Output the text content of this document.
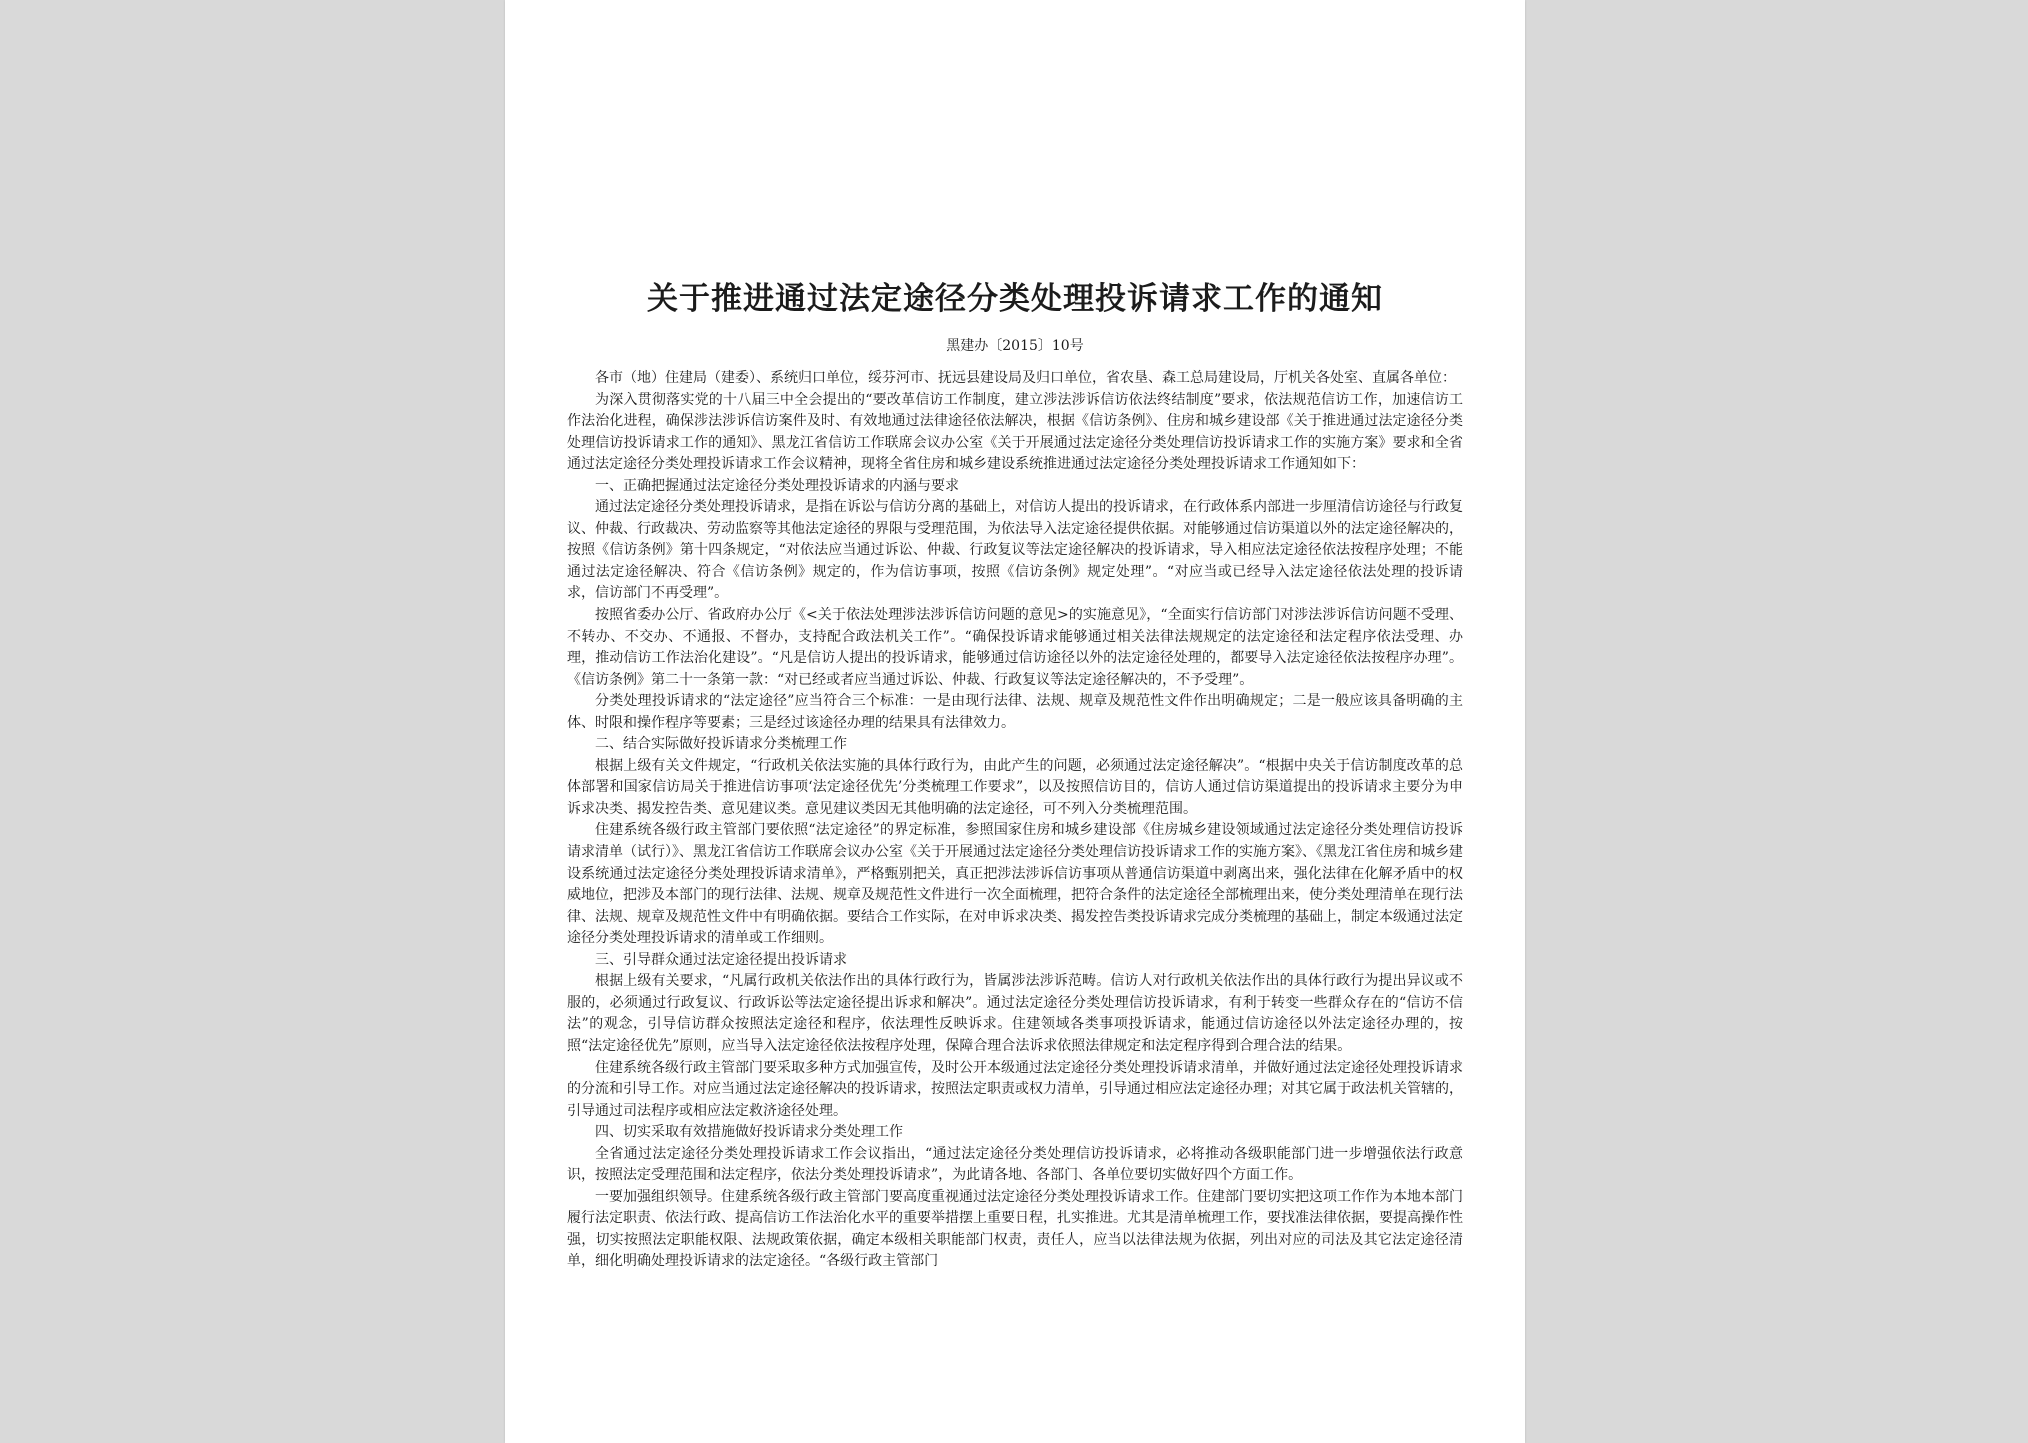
关于推进通过法定途径分类处理投诉请求工作的通知
黑建办〔2015〕10号

各市（地）住建局（建委）、系统归口单位，绥芬河市、抚远县建设局及归口单位，省农垦、森工总局建设局，厅机关各处室、直属各单位：

为深入贯彻落实党的十八届三中全会提出的“要改革信访工作制度，建立涉法涉诉信访依法终结制度”要求，依法规范信访工作，加速信访工作法治化进程，确保涉法涉诉信访案件及时、有效地通过法律途径依法解决，根据《信访条例》、住房和城乡建设部《关于推进通过法定途径分类处理信访投诉请求工作的通知》、黑龙江省信访工作联席会议办公室《关于开展通过法定途径分类处理信访投诉请求工作的实施方案》要求和全省通过法定途径分类处理投诉请求工作会议精神，现将全省住房和城乡建设系统推进通过法定途径分类处理投诉请求工作通知如下：

一、正确把握通过法定途径分类处理投诉请求的内涵与要求

通过法定途径分类处理投诉请求，是指在诉讼与信访分离的基础上，对信访人提出的投诉请求，在行政体系内部进一步厘清信访途径与行政复议、仲裁、行政裁决、劳动监察等其他法定途径的界限与受理范围，为依法导入法定途径提供依据。对能够通过信访渠道以外的法定途径解决的，按照《信访条例》第十四条规定，“对依法应当通过诉讼、仲裁、行政复议等法定途径解决的投诉请求，导入相应法定途径依法按程序处理；不能通过法定途径解决、符合《信访条例》规定的，作为信访事项，按照《信访条例》规定处理”。“对应当或已经导入法定途径依法处理的投诉请求，信访部门不再受理”。

按照省委办公厅、省政府办公厅《<关于依法处理涉法涉诉信访问题的意见>的实施意见》，“全面实行信访部门对涉法涉诉信访问题不受理、不转办、不交办、不通报、不督办，支持配合政法机关工作”。“确保投诉请求能够通过相关法律法规规定的法定途径和法定程序依法受理、办理，推动信访工作法治化建设”。“凡是信访人提出的投诉请求，能够通过信访途径以外的法定途径处理的，都要导入法定途径依法按程序办理”。《信访条例》第二十一条第一款：“对已经或者应当通过诉讼、仲裁、行政复议等法定途径解决的，不予受理”。

分类处理投诉请求的“法定途径”应当符合三个标准：一是由现行法律、法规、规章及规范性文件作出明确规定；二是一般应该具备明确的主体、时限和操作程序等要素；三是经过该途径办理的结果具有法律效力。

二、结合实际做好投诉请求分类梳理工作

根据上级有关文件规定，“行政机关依法实施的具体行政行为，由此产生的问题，必须通过法定途径解决”。“根据中央关于信访制度改革的总体部署和国家信访局关于推进信访事项‘法定途径优先’分类梳理工作要求”，以及按照信访目的，信访人通过信访渠道提出的投诉请求主要分为申诉求决类、揭发控告类、意见建议类。意见建议类因无其他明确的法定途径，可不列入分类梳理范围。

住建系统各级行政主管部门要依照“法定途径”的界定标准，参照国家住房和城乡建设部《住房城乡建设领域通过法定途径分类处理信访投诉请求清单（试行）》、黑龙江省信访工作联席会议办公室《关于开展通过法定途径分类处理信访投诉请求工作的实施方案》、《黑龙江省住房和城乡建设系统通过法定途径分类处理投诉请求清单》，严格甄别把关，真正把涉法涉诉信访事项从普通信访渠道中剥离出来，强化法律在化解矛盾中的权威地位，把涉及本部门的现行法律、法规、规章及规范性文件进行一次全面梳理，把符合条件的法定途径全部梳理出来，使分类处理清单在现行法律、法规、规章及规范性文件中有明确依据。要结合工作实际，在对申诉求决类、揭发控告类投诉请求完成分类梳理的基础上，制定本级通过法定途径分类处理投诉请求的清单或工作细则。

三、引导群众通过法定途径提出投诉请求

根据上级有关要求，“凡属行政机关依法作出的具体行政行为，皆属涉法涉诉范畴。信访人对行政机关依法作出的具体行政行为提出异议或不服的，必须通过行政复议、行政诉讼等法定途径提出诉求和解决”。通过法定途径分类处理信访投诉请求，有利于转变一些群众存在的“信访不信法”的观念，引导信访群众按照法定途径和程序，依法理性反映诉求。住建领域各类事项投诉请求，能通过信访途径以外法定途径办理的，按照“法定途径优先”原则，应当导入法定途径依法按程序处理，保障合理合法诉求依照法律规定和法定程序得到合理合法的结果。

住建系统各级行政主管部门要采取多种方式加强宣传，及时公开本级通过法定途径分类处理投诉请求清单，并做好通过法定途径处理投诉请求的分流和引导工作。对应当通过法定途径解决的投诉请求，按照法定职责或权力清单，引导通过相应法定途径办理；对其它属于政法机关管辖的，引导通过司法程序或相应法定救济途径处理。

四、切实采取有效措施做好投诉请求分类处理工作

全省通过法定途径分类处理投诉请求工作会议指出，“通过法定途径分类处理信访投诉请求，必将推动各级职能部门进一步增强依法行政意识，按照法定受理范围和法定程序，依法分类处理投诉请求”，为此请各地、各部门、各单位要切实做好四个方面工作。

一要加强组织领导。住建系统各级行政主管部门要高度重视通过法定途径分类处理投诉请求工作。住建部门要切实把这项工作作为本地本部门履行法定职责、依法行政、提高信访工作法治化水平的重要举措摆上重要日程，扎实推进。尤其是清单梳理工作，要找准法律依据，要提高操作性强，切实按照法定职能权限、法规政策依据，确定本级相关职能部门权责，责任人，应当以法律法规为依据，列出对应的司法及其它法定途径清单，细化明确处理投诉请求的法定途径。“各级行政主管部门
